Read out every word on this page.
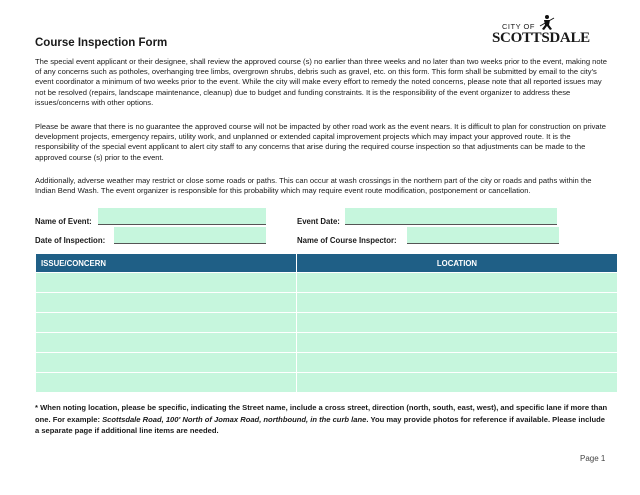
CITY OF
SCOTTSDALE
Course Inspection Form

The special event applicant or their designee, shall review the approved course (s) no earlier than three weeks and no later than two weeks prior to the event, making note of any concerns such as potholes, overhanging tree limbs, overgrown shrubs, debris such as gravel, etc. on this form. This form shall be submitted by email to the city's event coordinator a minimum of two weeks prior to the event. While the city will make every effort to remedy the noted concerns, please note that all reported issues may not be resolved (repairs, landscape maintenance, cleanup) due to budget and funding constraints. It is the responsibility of the event organizer to address these issues/concerns with other options.

Please be aware that there is no guarantee the approved course will not be impacted by other road work as the event nears. It is difficult to plan for construction on private development projects, emergency repairs, utility work, and unplanned or extended capital improvement projects which may impact your approved route. It is the responsibility of the special event applicant to alert city staff to any concerns that arise during the required course inspection so that adjustments can be made to the approved course (s) prior to the event.

Additionally, adverse weather may restrict or close some roads or paths. This can occur at wash crossings in the northern part of the city or roads and paths within the Indian Bend Wash. The event organizer is responsible for this probability which may require event route modification, postponement or cancellation.

Name of Event:	Event Date:
Date of Inspection:	Name of Course Inspector:
ISSUE/CONCERN	LOCATION

* When noting location, please be specific, indicating the Street name, include a cross street, direction (north, south, east, west), and specific lane if more than one. For example: Scottsdale Road, 100' North of Jomax Road, northbound, in the curb lane. You may provide photos for reference if available. Please include a separate page if additional line items are needed.

Page 1
